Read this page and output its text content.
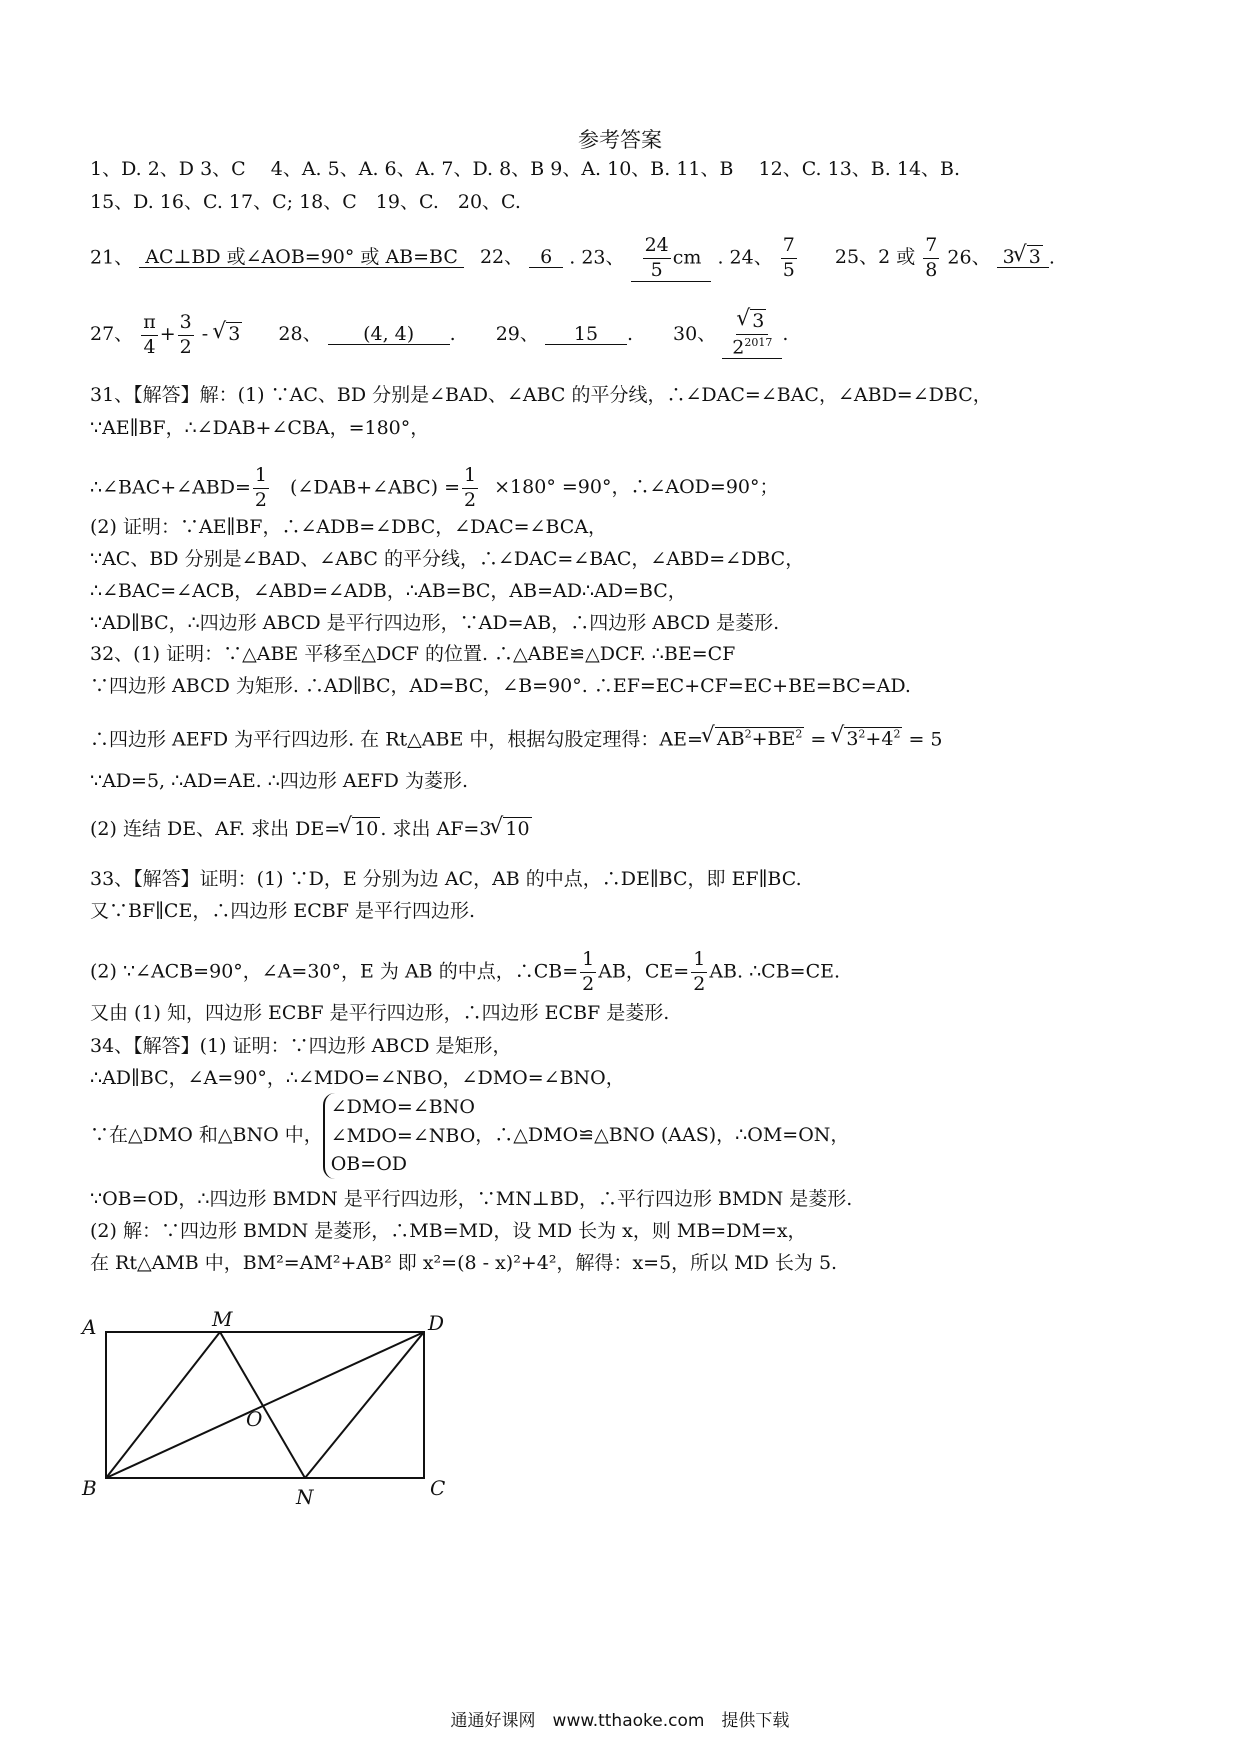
参考答案
1、D. 2、D 3、C　 4、A. 5、A. 6、A. 7、D. 8、B 9、A. 10、B. 11、B　 12、C. 13、B. 14、B.
15、D. 16、C. 17、C; 18、C　19、C.　20、C.
21、 AC⊥BD 或∠AOB=90° 或 AB=BC 22、 6 . 23、 $\frac{24}{5}$ cm . 24、 $\frac{7}{5} 25$、2 或 $\frac{7}{8} 26$、 3 √ 3 .
27、 $\frac{\pi}{4} + \frac{3}{2}$ - √ 3 28、 (4, 4) . 29、 15 . 30、 √ $\frac{3}{2^{2017}}$ .
31、【解答】解：(1) ∵AC、BD 分别是∠BAD、∠ABC 的平分线，∴∠DAC=∠BAC，∠ABD=∠DBC，
∵AE∥BF，∴∠DAB+∠CBA，=180°，
∴∠BAC+∠ABD= $\frac{1}{2}$ 　(∠DAB+∠ABC) = $\frac{1}{2} \times 180^\circ =90^\circ$，∴∠AOD=90°；
(2) 证明：∵AE∥BF，∴∠ADB=∠DBC，∠DAC=∠BCA，
∵AC、BD 分别是∠BAD、∠ABC 的平分线，∴∠DAC=∠BAC，∠ABD=∠DBC，
∴∠BAC=∠ACB，∠ABD=∠ADB，∴AB=BC，AB=AD∴AD=BC，
∵AD∥BC，∴四边形 ABCD 是平行四边形，∵AD=AB，∴四边形 ABCD 是菱形.
32、(1) 证明：∵△ABE 平移至△DCF 的位置. ∴△ABE≌△DCF. ∴BE=CF
∵四边形 ABCD 为矩形. ∴AD∥BC，AD=BC，∠B=90°. ∴EF=EC+CF=EC+BE=BC=AD.
∴四边形 AEFD 为平行四边形. 在 Rt△ABE 中，根据勾股定理得：AE= √ $AB^2+BE^2$ = √ $3^2+4^2 = 5$
∵AD=5, ∴AD=AE. ∴四边形 AEFD 为菱形.
(2) 连结 DE、AF. 求出 DE= √ 10 . 求出 AF=3 √ 10
33、【解答】证明：(1) ∵D，E 分别为边 AC，AB 的中点，∴DE∥BC，即 EF∥BC.
又∵BF∥CE，∴四边形 ECBF 是平行四边形.
(2) ∵∠ACB=90°，∠A=30°，E 为 AB 的中点，∴CB= $\frac{1}{2}$ AB，$CE= \frac{1}{2}$ AB. ∴CB=CE.
又由 (1) 知，四边形 ECBF 是平行四边形，∴四边形 ECBF 是菱形.
34、【解答】(1) 证明：∵四边形 ABCD 是矩形，
∴AD∥BC，∠A=90°，∴∠MDO=∠NBO，∠DMO=∠BNO，
∵在△DMO 和△BNO 中，
∠DMO=∠BNO
∠MDO=∠NBO
OB=OD
，∴△DMO≌△BNO (AAS)，∴OM=ON，
∵OB=OD，∴四边形 BMDN 是平行四边形，∵MN⊥BD，∴平行四边形 BMDN 是菱形.
(2) 解：∵四边形 BMDN 是菱形，∴MB=MD，设 MD 长为 x，则 MB=DM=x，
在 Rt△AMB 中，BM²=AM²+AB² 即 x²=(8 - x)²+4²，解得：x=5，所以 MD 长为 5.
A	M	D
O
B	N	C
通通好课网　www.tthaoke.com　提供下载
